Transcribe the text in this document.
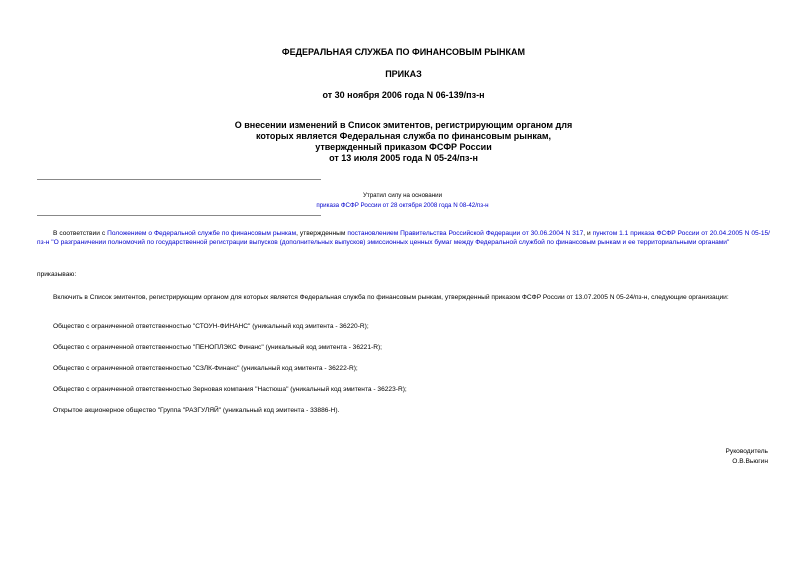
ФЕДЕРАЛЬНАЯ СЛУЖБА ПО ФИНАНСОВЫМ РЫНКАМ
ПРИКАЗ
от 30 ноября 2006 года N 06-139/пз-н
О внесении изменений в Список эмитентов, регистрирующим органом для
которых является Федеральная служба по финансовым рынкам,
утвержденный приказом ФСФР России
от 13 июля 2005 года N 05-24/пз-н
Утратил силу на основании
приказа ФСФР России от 28 октября 2008 года N 08-42/пз-н
В соответствии с Положением о Федеральной службе по финансовым рынкам, утвержденным постановлением Правительства Российской Федерации от 30.06.2004 N 317, и пунктом 1.1 приказа ФСФР России от 20.04.2005 N 05-15/пз-н "О разграничении полномочий по государственной регистрации выпусков (дополнительных выпусков) эмиссионных ценных бумаг между Федеральной службой по финансовым рынкам и ее территориальными органами"
приказываю:
Включить в Список эмитентов, регистрирующим органом для которых является Федеральная служба по финансовым рынкам, утвержденный приказом ФСФР России от 13.07.2005 N 05-24/пз-н, следующие организации:
Общество с ограниченной ответственностью "СТОУН-ФИНАНС" (уникальный код эмитента - 36220-R);
Общество с ограниченной ответственностью "ПЕНОПЛЭКС Финанс" (уникальный код эмитента - 36221-R);
Общество с ограниченной ответственностью "СЗЛК-Финанс" (уникальный код эмитента - 36222-R);
Общество с ограниченной ответственностью Зерновая компания "Настюша" (уникальный код эмитента - 36223-R);
Открытое акционерное общество "Группа "РАЗГУЛЯЙ" (уникальный код эмитента - 33886-Н).
Руководитель
О.В.Вьюгин
